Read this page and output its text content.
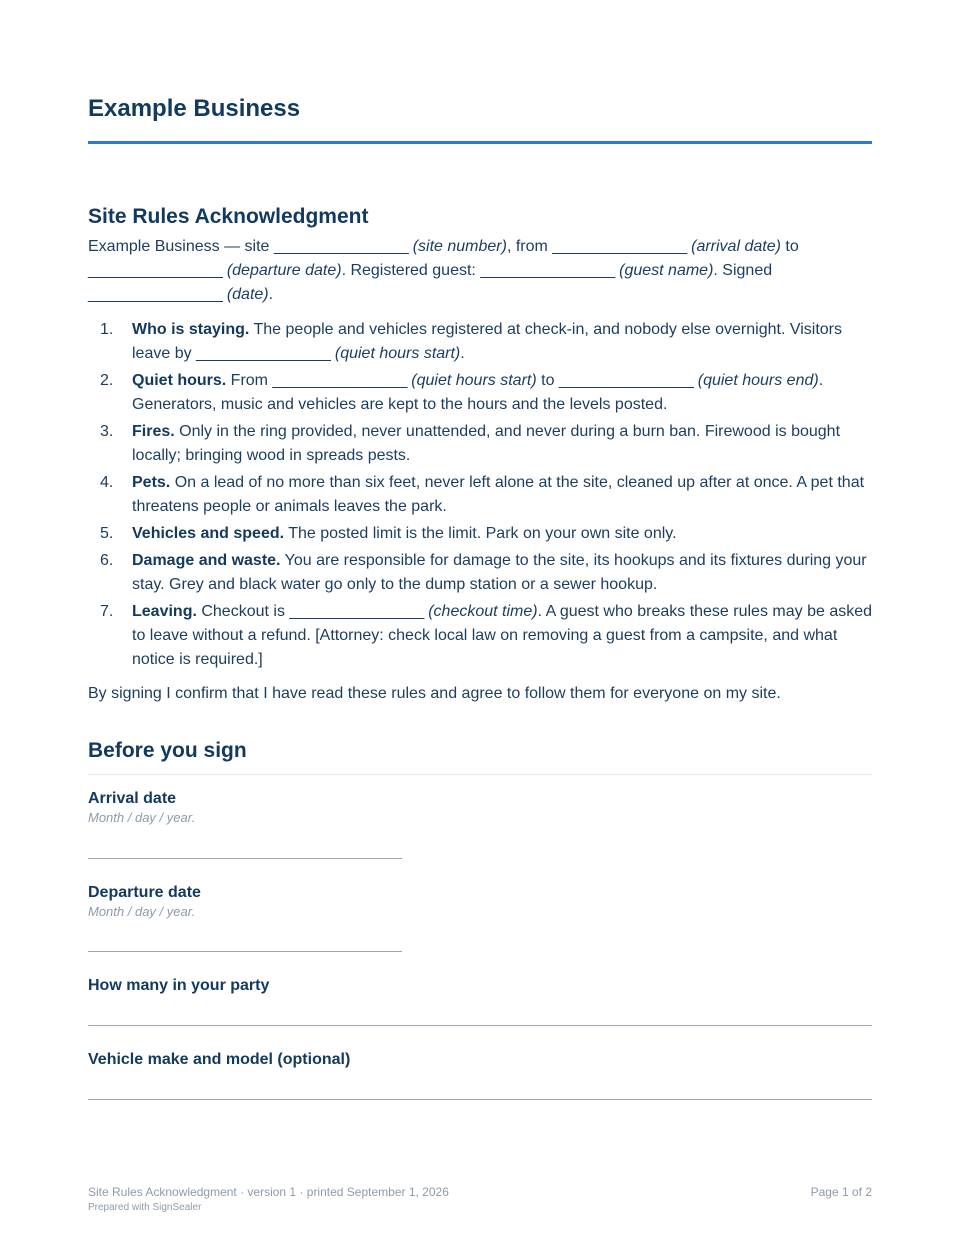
Example Business
Site Rules Acknowledgment

Example Business — site ________________ (site number), from ________________ (arrival date) to ________________ (departure date). Registered guest: ________________ (guest name). Signed ________________ (date).

1. Who is staying. The people and vehicles registered at check-in, and nobody else overnight. Visitors leave by ________________ (quiet hours start).
2. Quiet hours. From ________________ (quiet hours start) to ________________ (quiet hours end). Generators, music and vehicles are kept to the hours and the levels posted.
3. Fires. Only in the ring provided, never unattended, and never during a burn ban. Firewood is bought locally; bringing wood in spreads pests.
4. Pets. On a lead of no more than six feet, never left alone at the site, cleaned up after at once. A pet that threatens people or animals leaves the park.
5. Vehicles and speed. The posted limit is the limit. Park on your own site only.
6. Damage and waste. You are responsible for damage to the site, its hookups and its fixtures during your stay. Grey and black water go only to the dump station or a sewer hookup.
7. Leaving. Checkout is ________________ (checkout time). A guest who breaks these rules may be asked to leave without a refund. [Attorney: check local law on removing a guest from a campsite, and what notice is required.]

By signing I confirm that I have read these rules and agree to follow them for everyone on my site.

Before you sign
Arrival date
Month / day / year.
Departure date
Month / day / year.
How many in your party
Vehicle make and model (optional)
Site Rules Acknowledgment · version 1 · printed September 1, 2026
Prepared with SignSealer
Page 1 of 2
